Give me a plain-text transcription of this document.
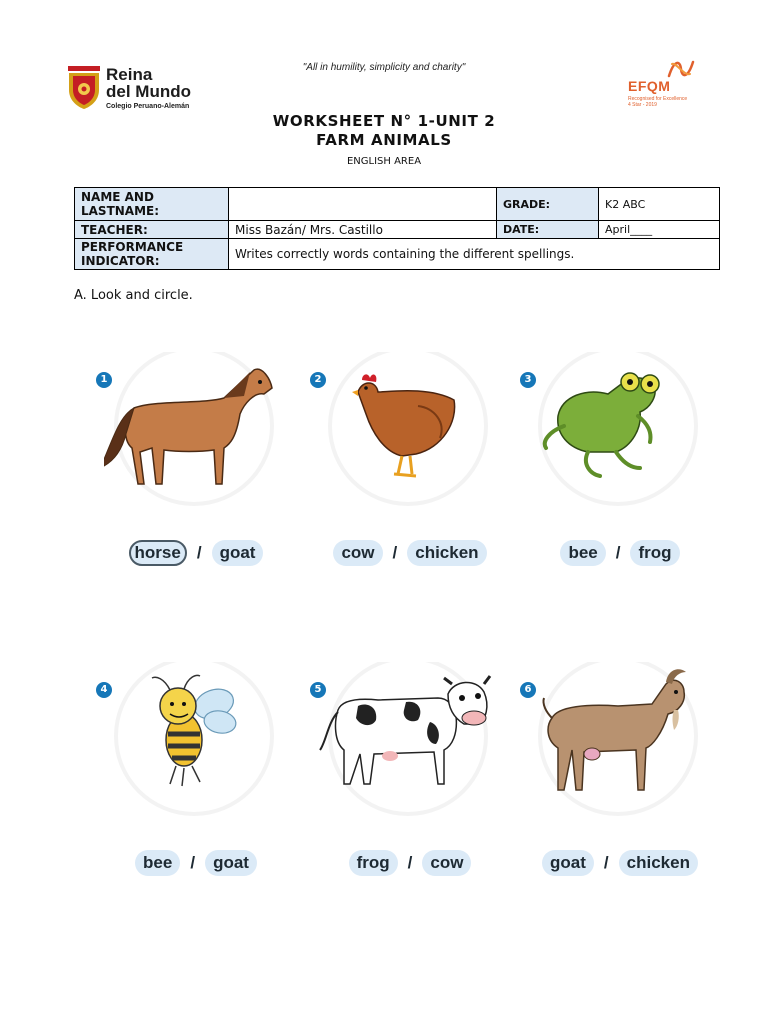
Reina
del Mundo
Colegio Peruano-Alemán
"All in humility, simplicity and charity"
EFQM
Recognised for Excellence
4 Star - 2019
WORKSHEET N° 1-UNIT 2
FARM ANIMALS
ENGLISH AREA
NAME AND LASTNAME:		GRADE:	K2 ABC
TEACHER:	Miss Bazán/ Mrs. Castillo	DATE:	April____
PERFORMANCE INDICATOR:	Writes correctly words containing the different spellings.		
A. Look and circle.
1
horse / goat
2
cow / chicken
3
bee / frog
4
bee / goat
5
frog / cow
6
goat / chicken
